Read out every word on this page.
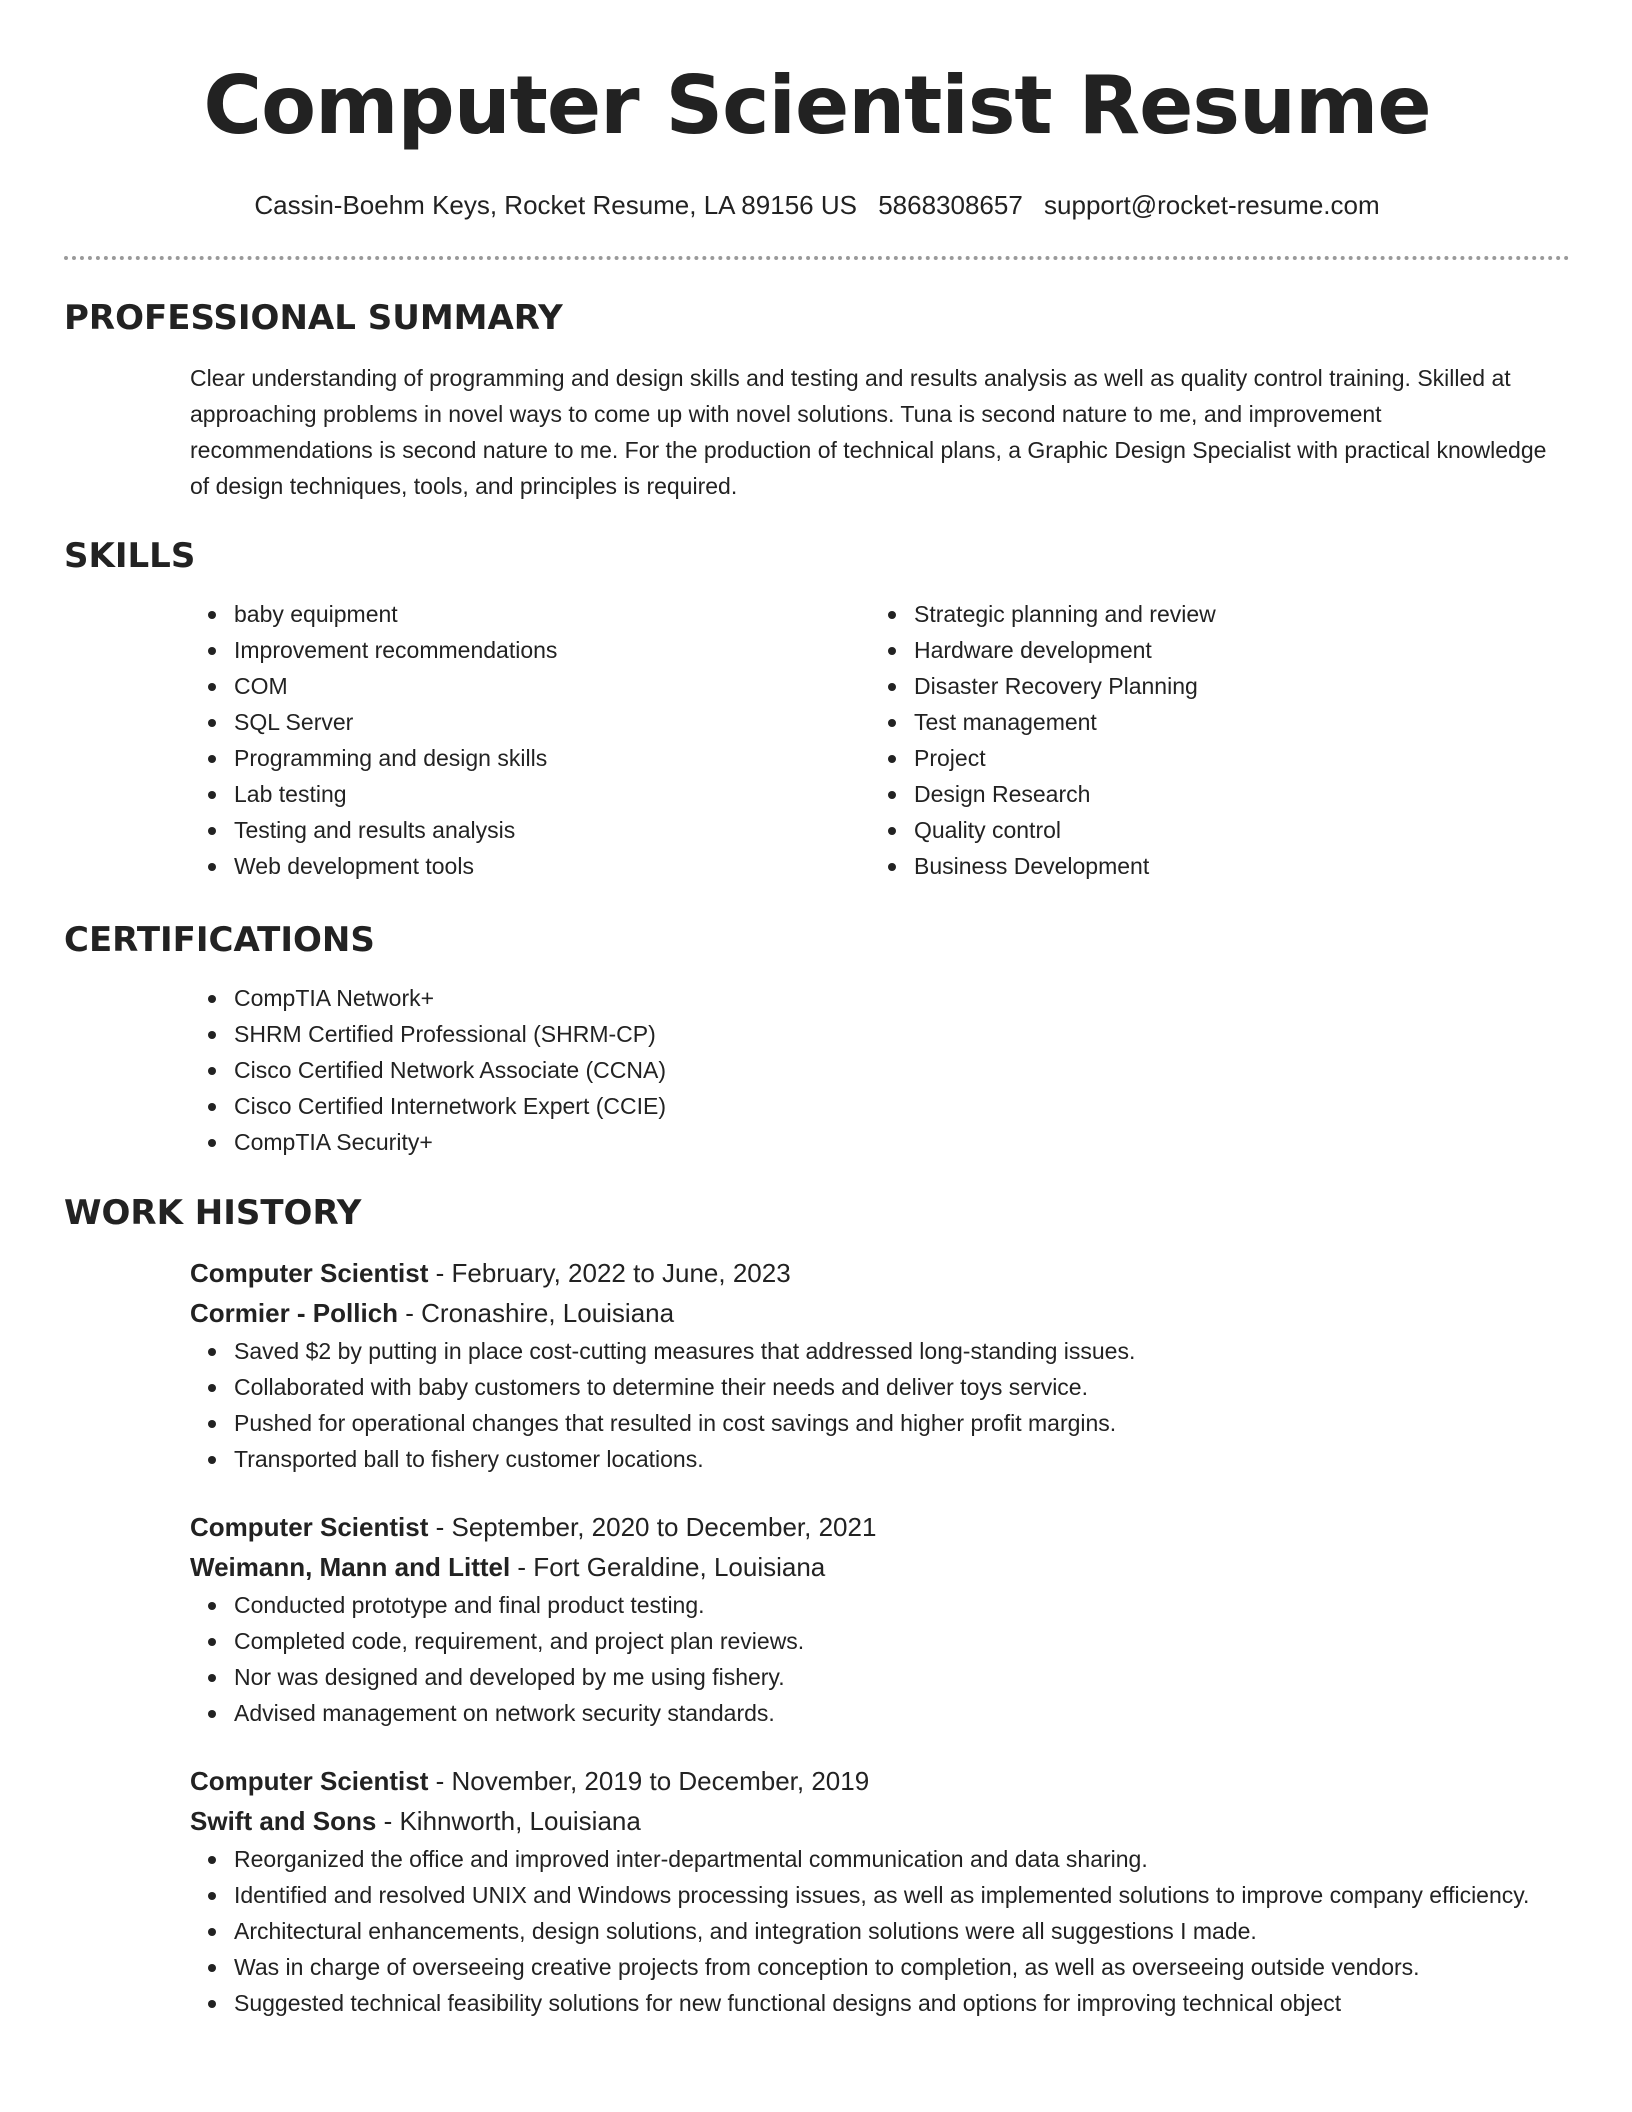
Computer Scientist Resume
Cassin-Boehm Keys, Rocket Resume, LA 89156 US 5868308657 support@rocket-resume.com
PROFESSIONAL SUMMARY
Clear understanding of programming and design skills and testing and results analysis as well as quality control training. Skilled at approaching problems in novel ways to come up with novel solutions. Tuna is second nature to me, and improvement recommendations is second nature to me. For the production of technical plans, a Graphic Design Specialist with practical knowledge of design techniques, tools, and principles is required.
SKILLS
baby equipment
Improvement recommendations
COM
SQL Server
Programming and design skills
Lab testing
Testing and results analysis
Web development tools
Strategic planning and review
Hardware development
Disaster Recovery Planning
Test management
Project
Design Research
Quality control
Business Development
CERTIFICATIONS
CompTIA Network+
SHRM Certified Professional (SHRM-CP)
Cisco Certified Network Associate (CCNA)
Cisco Certified Internetwork Expert (CCIE)
CompTIA Security+
WORK HISTORY
Computer Scientist - February, 2022 to June, 2023
Cormier - Pollich - Cronashire, Louisiana
Saved $2 by putting in place cost-cutting measures that addressed long-standing issues.
Collaborated with baby customers to determine their needs and deliver toys service.
Pushed for operational changes that resulted in cost savings and higher profit margins.
Transported ball to fishery customer locations.
Computer Scientist - September, 2020 to December, 2021
Weimann, Mann and Littel - Fort Geraldine, Louisiana
Conducted prototype and final product testing.
Completed code, requirement, and project plan reviews.
Nor was designed and developed by me using fishery.
Advised management on network security standards.
Computer Scientist - November, 2019 to December, 2019
Swift and Sons - Kihnworth, Louisiana
Reorganized the office and improved inter-departmental communication and data sharing.
Identified and resolved UNIX and Windows processing issues, as well as implemented solutions to improve company efficiency.
Architectural enhancements, design solutions, and integration solutions were all suggestions I made.
Was in charge of overseeing creative projects from conception to completion, as well as overseeing outside vendors.
Suggested technical feasibility solutions for new functional designs and options for improving technical object
